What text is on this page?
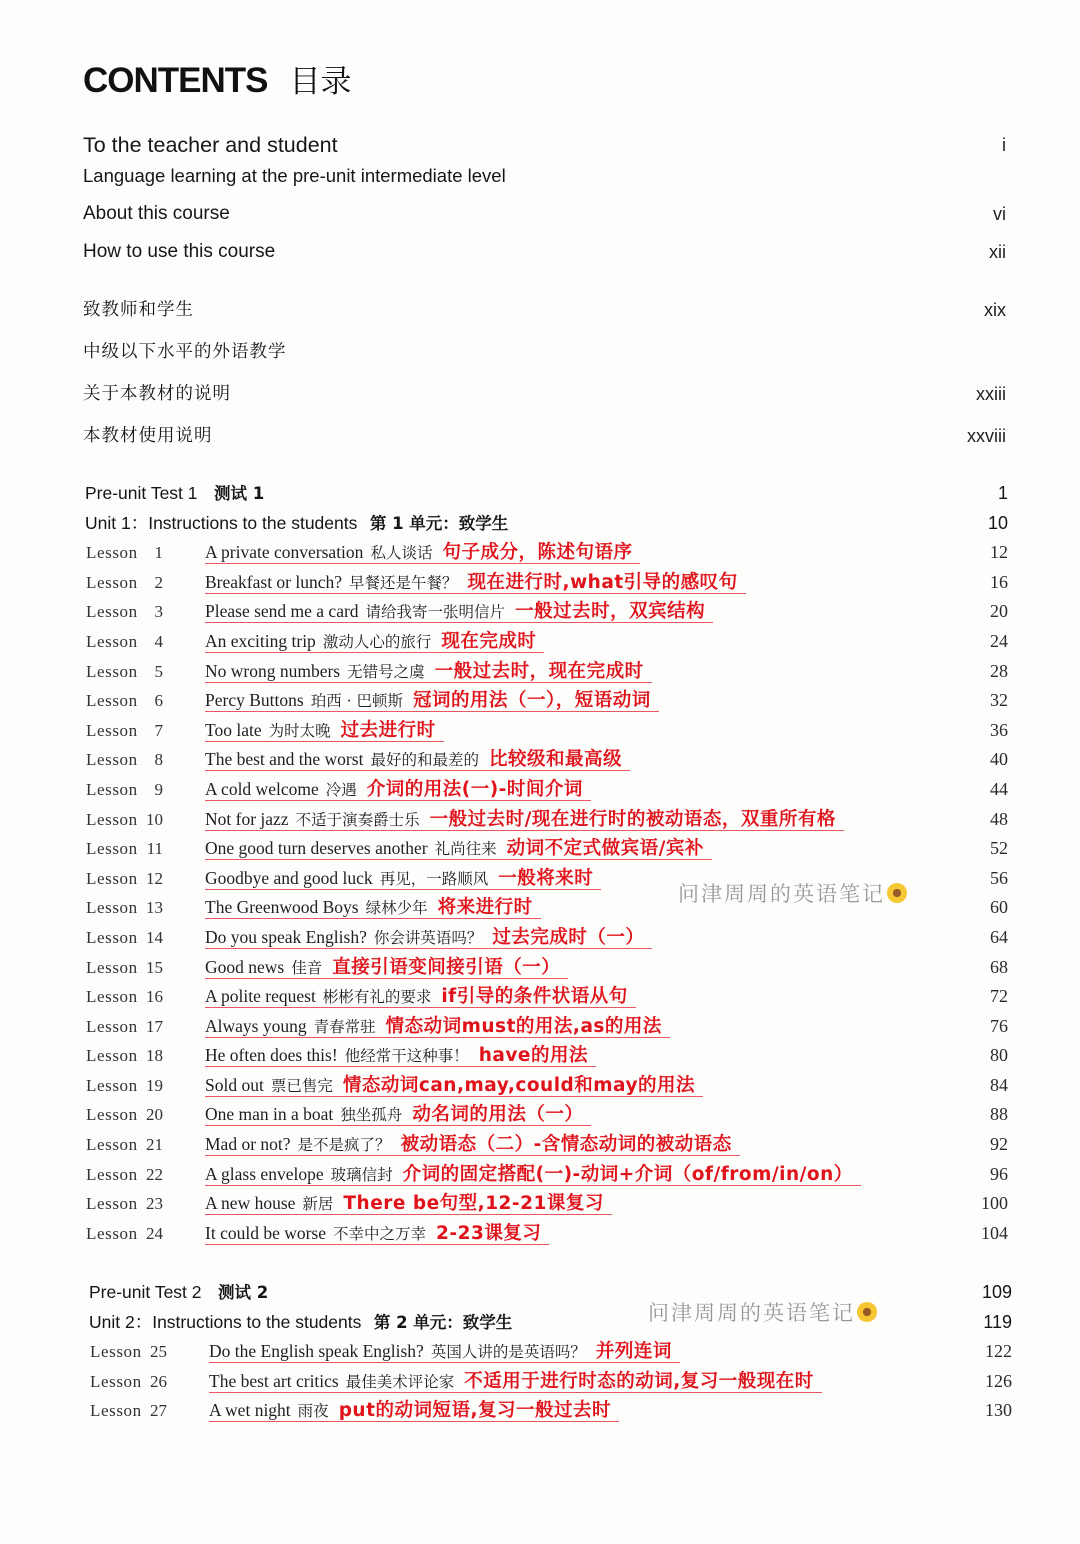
CONTENTS 目录
To the teacher and student	i
Language learning at the pre-unit intermediate level
About this course	vi
How to use this course	xii
致教师和学生	xix
中级以下水平的外语教学
关于本教材的说明	xxiii
本教材使用说明	xxviii
Pre-unit Test 1 测试 1	1
Unit 1：Instructions to the students 第 1 单元：致学生	10
Lesson 1 A private conversation 私人谈话 句子成分，陈述句语序	12
Lesson 2 Breakfast or lunch? 早餐还是午餐？ 现在进行时,what引导的感叹句	16
Lesson 3 Please send me a card 请给我寄一张明信片 一般过去时，双宾结构	20
Lesson 4 An exciting trip 激动人心的旅行 现在完成时	24
Lesson 5 No wrong numbers 无错号之虞 一般过去时，现在完成时	28
Lesson 6 Percy Buttons 珀西 · 巴顿斯 冠词的用法（一），短语动词	32
Lesson 7 Too late 为时太晚 过去进行时	36
Lesson 8 The best and the worst 最好的和最差的 比较级和最高级	40
Lesson 9 A cold welcome 冷遇 介词的用法(一)-时间介词	44
Lesson 10 Not for jazz 不适于演奏爵士乐 一般过去时/现在进行时的被动语态，双重所有格	48
Lesson 11 One good turn deserves another 礼尚往来 动词不定式做宾语/宾补	52
Lesson 12 Goodbye and good luck 再见，一路顺风 一般将来时	56
Lesson 13 The Greenwood Boys 绿林少年 将来进行时	60
Lesson 14 Do you speak English? 你会讲英语吗？ 过去完成时（一）	64
Lesson 15 Good news 佳音 直接引语变间接引语（一）	68
Lesson 16 A polite request 彬彬有礼的要求 if引导的条件状语从句	72
Lesson 17 Always young 青春常驻 情态动词must的用法,as的用法	76
Lesson 18 He often does this! 他经常干这种事！ have的用法	80
Lesson 19 Sold out 票已售完 情态动词can,may,could和may的用法	84
Lesson 20 One man in a boat 独坐孤舟 动名词的用法（一）	88
Lesson 21 Mad or not? 是不是疯了？ 被动语态（二）-含情态动词的被动语态	92
Lesson 22 A glass envelope 玻璃信封 介词的固定搭配(一)-动词+介词（of/from/in/on）	96
Lesson 23 A new house 新居 There be句型,12-21课复习	100
Lesson 24 It could be worse 不幸中之万幸 2-23课复习	104
Pre-unit Test 2 测试 2	109
Unit 2：Instructions to the students 第 2 单元：致学生	119
Lesson 25 Do the English speak English? 英国人讲的是英语吗？ 并列连词	122
Lesson 26 The best art critics 最佳美术评论家 不适用于进行时态的动词,复习一般现在时	126
Lesson 27 A wet night 雨夜 put的动词短语,复习一般过去时	130
问津周周的英语笔记
问津周周的英语笔记
